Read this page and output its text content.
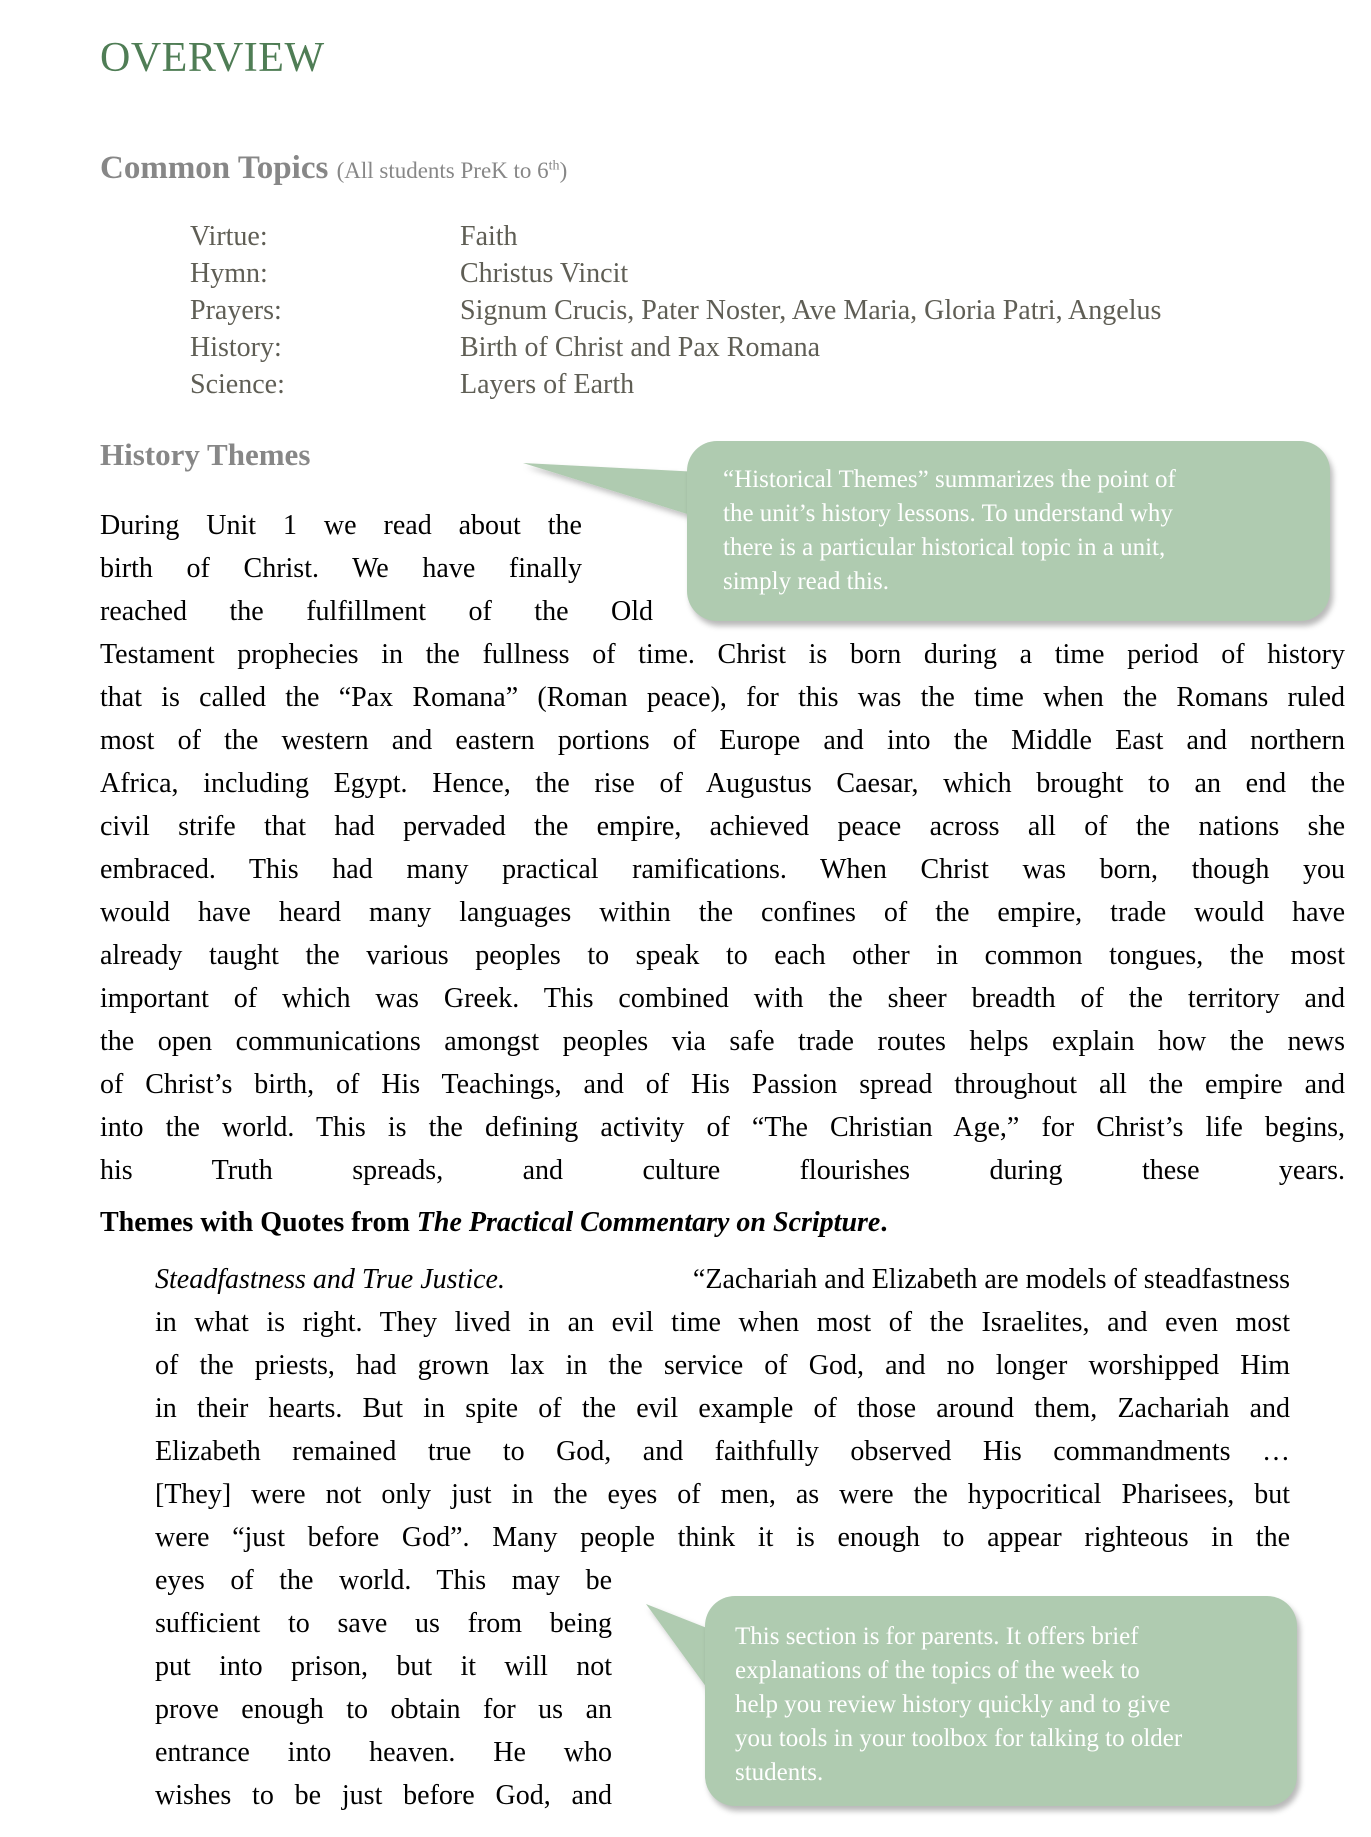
OVERVIEW
Common Topics (All students PreK to 6th)
Virtue:	Faith
Hymn:	Christus Vincit
Prayers:	Signum Crucis, Pater Noster, Ave Maria, Gloria Patri, Angelus
History:	Birth of Christ and Pax Romana
Science:	Layers of Earth
History Themes
“Historical Themes” summarizes the point of
the unit’s history lessons. To understand why
there is a particular historical topic in a unit,
simply read this.
During Unit 1 we read about the
birth of Christ. We have finally
reached the fulfillment of the Old
Testament prophecies in the fullness of time. Christ is born during a time period of history
that is called the “Pax Romana” (Roman peace), for this was the time when the Romans ruled
most of the western and eastern portions of Europe and into the Middle East and northern
Africa, including Egypt. Hence, the rise of Augustus Caesar, which brought to an end the
civil strife that had pervaded the empire, achieved peace across all of the nations she
embraced. This had many practical ramifications. When Christ was born, though you
would have heard many languages within the confines of the empire, trade would have
already taught the various peoples to speak to each other in common tongues, the most
important of which was Greek. This combined with the sheer breadth of the territory and
the open communications amongst peoples via safe trade routes helps explain how the news
of Christ’s birth, of His Teachings, and of His Passion spread throughout all the empire and
into the world. This is the defining activity of “The Christian Age,” for Christ’s life begins,
his Truth spreads, and culture flourishes during these years.
Themes with Quotes from The Practical Commentary on Scripture.
Steadfastness and True Justice.	“Zachariah and Elizabeth are models of steadfastness
in what is right. They lived in an evil time when most of the Israelites, and even most
of the priests, had grown lax in the service of God, and no longer worshipped Him
in their hearts. But in spite of the evil example of those around them, Zachariah and
Elizabeth remained true to God, and faithfully observed His commandments …
[They] were not only just in the eyes of men, as were the hypocritical Pharisees, but
were “just before God”. Many people think it is enough to appear righteous in the
eyes of the world. This may be
sufficient to save us from being
put into prison, but it will not
prove enough to obtain for us an
entrance into heaven. He who
wishes to be just before God, and
This section is for parents. It offers brief
explanations of the topics of the week to
help you review history quickly and to give
you tools in your toolbox for talking to older
students.
